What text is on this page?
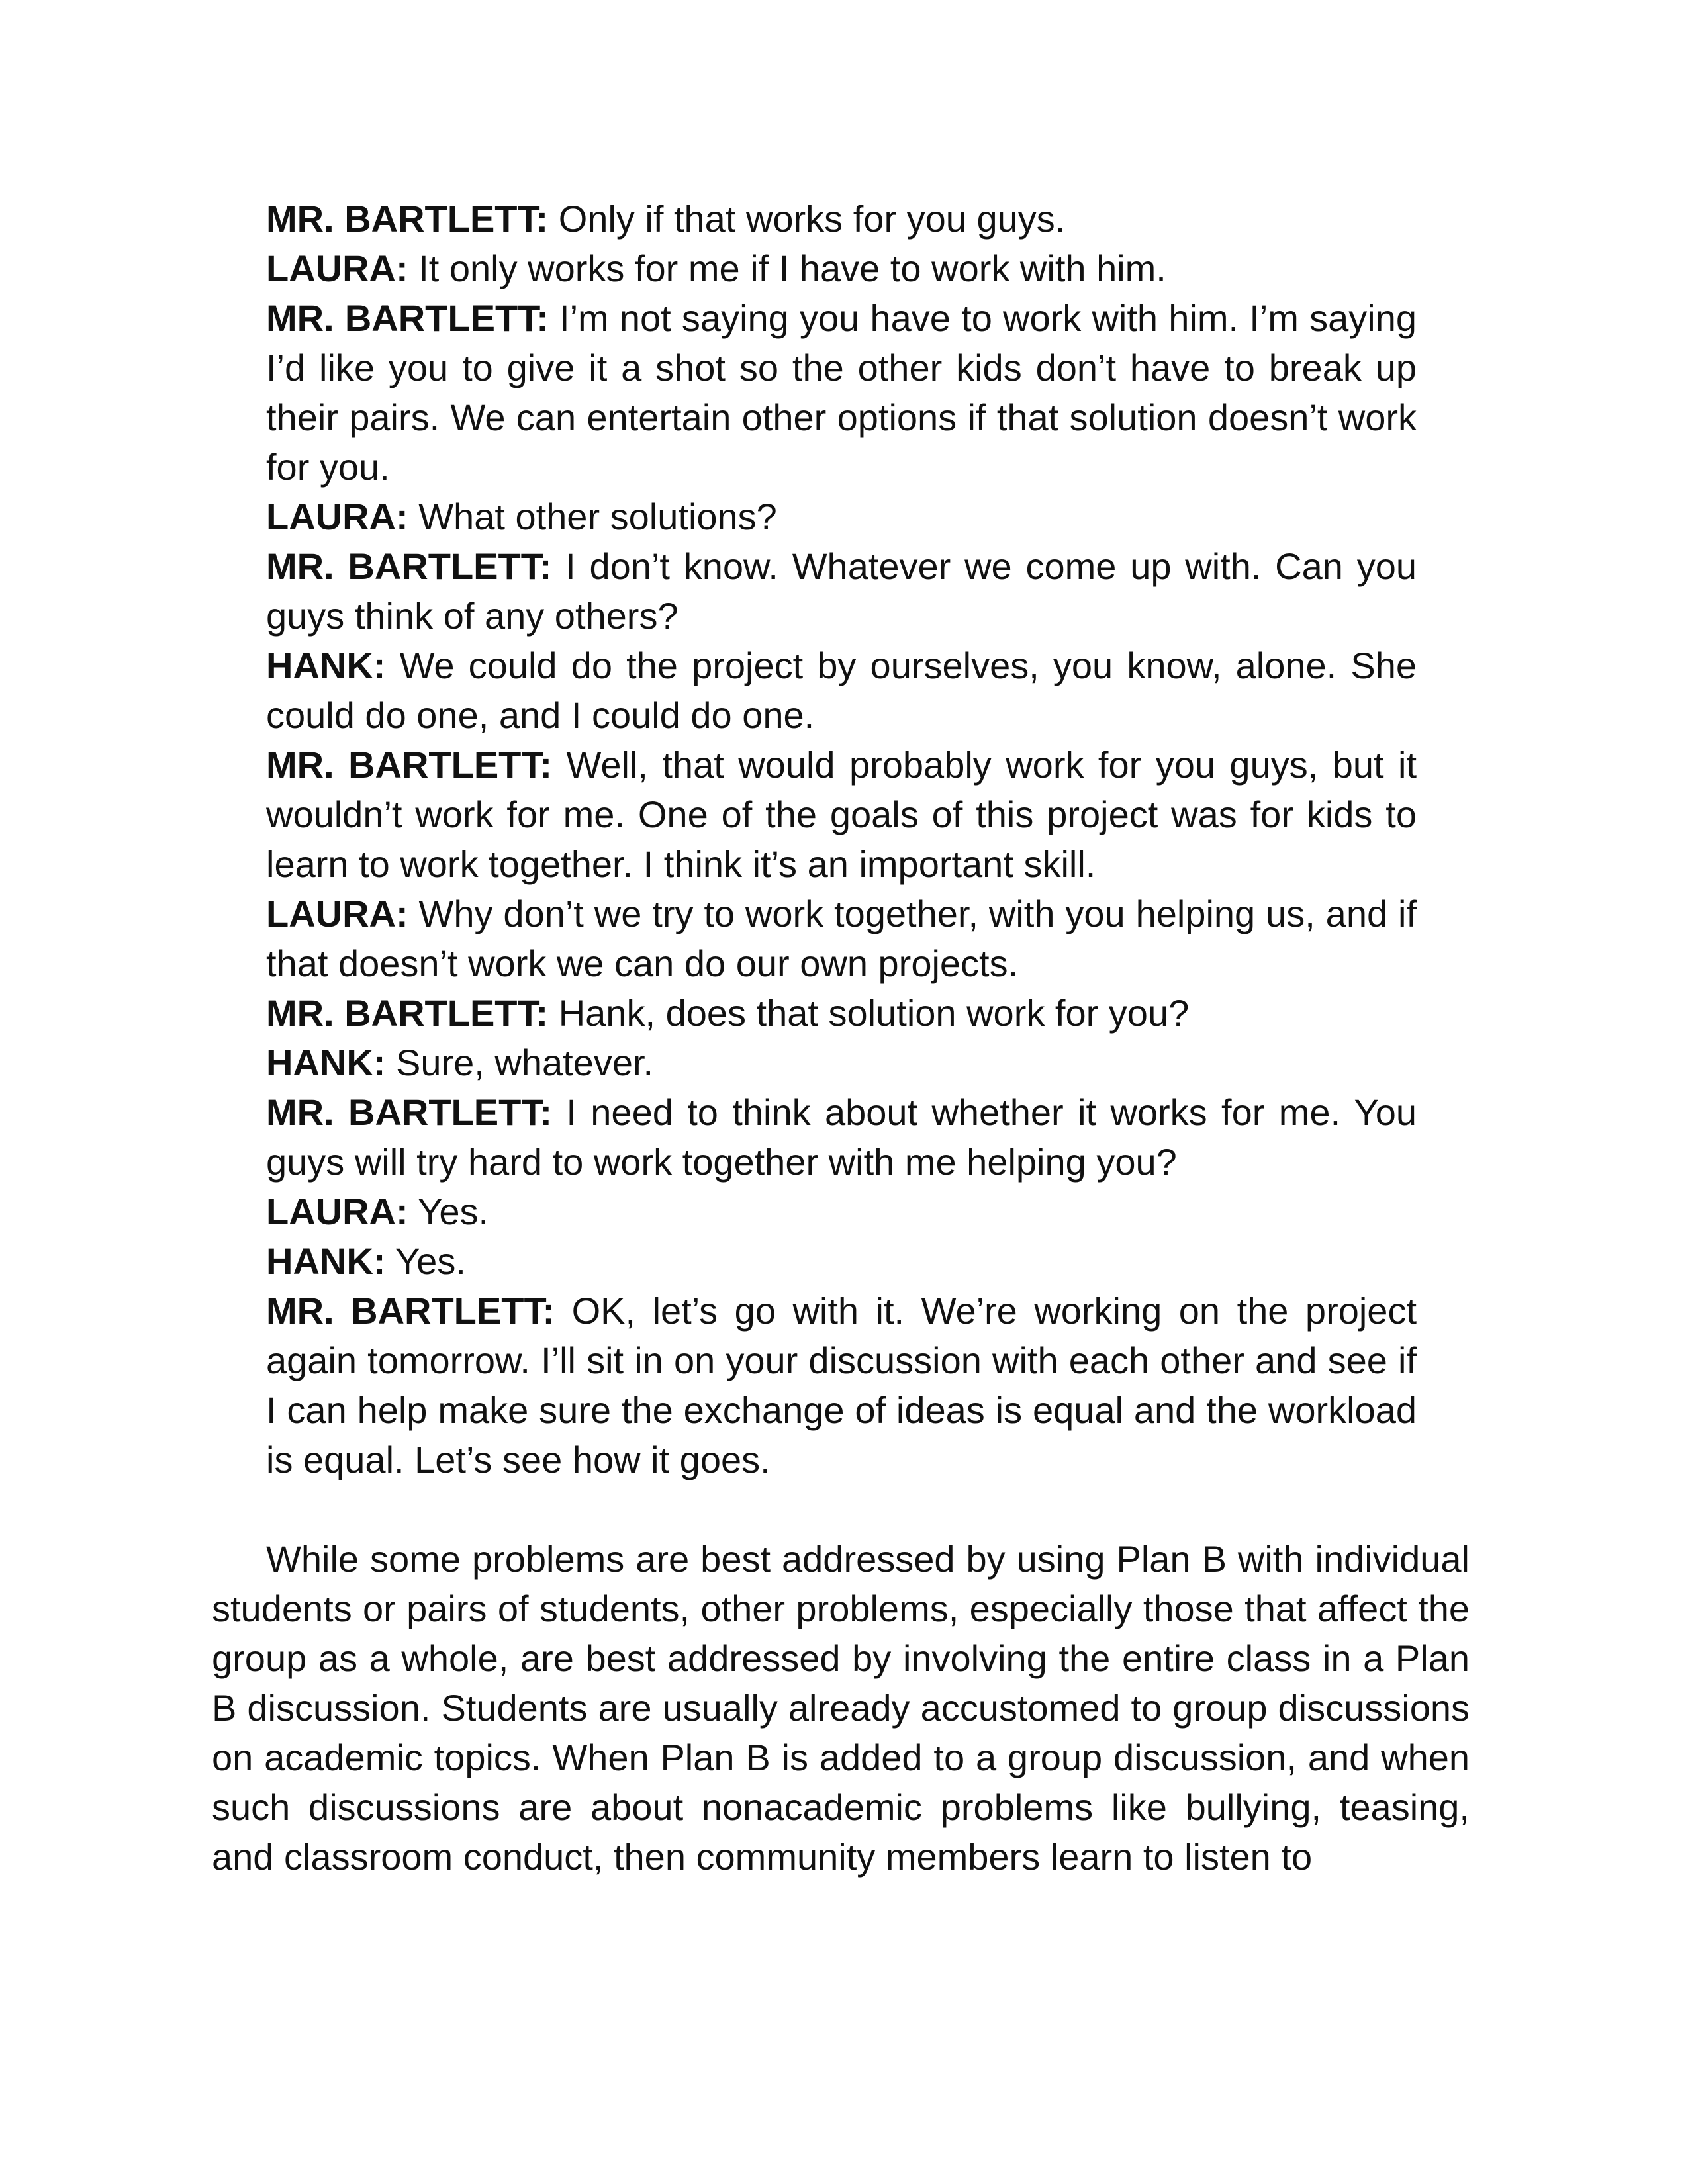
MR. BARTLETT: Only if that works for you guys.

LAURA: It only works for me if I have to work with him.

MR. BARTLETT: I’m not saying you have to work with him. I’m saying I’d like you to give it a shot so the other kids don’t have to break up their pairs. We can entertain other options if that solution doesn’t work for you.

LAURA: What other solutions?

MR. BARTLETT: I don’t know. Whatever we come up with. Can you guys think of any others?

HANK: We could do the project by ourselves, you know, alone. She could do one, and I could do one.

MR. BARTLETT: Well, that would probably work for you guys, but it wouldn’t work for me. One of the goals of this project was for kids to learn to work together. I think it’s an important skill.

LAURA: Why don’t we try to work together, with you helping us, and if that doesn’t work we can do our own projects.

MR. BARTLETT: Hank, does that solution work for you?

HANK: Sure, whatever.

MR. BARTLETT: I need to think about whether it works for me. You guys will try hard to work together with me helping you?

LAURA: Yes.

HANK: Yes.

MR. BARTLETT: OK, let’s go with it. We’re working on the project again tomorrow. I’ll sit in on your discussion with each other and see if I can help make sure the exchange of ideas is equal and the workload is equal. Let’s see how it goes.

While some problems are best addressed by using Plan B with individual students or pairs of students, other problems, especially those that affect the group as a whole, are best addressed by involving the entire class in a Plan B discussion. Students are usually already accustomed to group discussions on academic topics. When Plan B is added to a group discussion, and when such discussions are about nonacademic problems like bullying, teasing, and classroom conduct, then community members learn to listen to
